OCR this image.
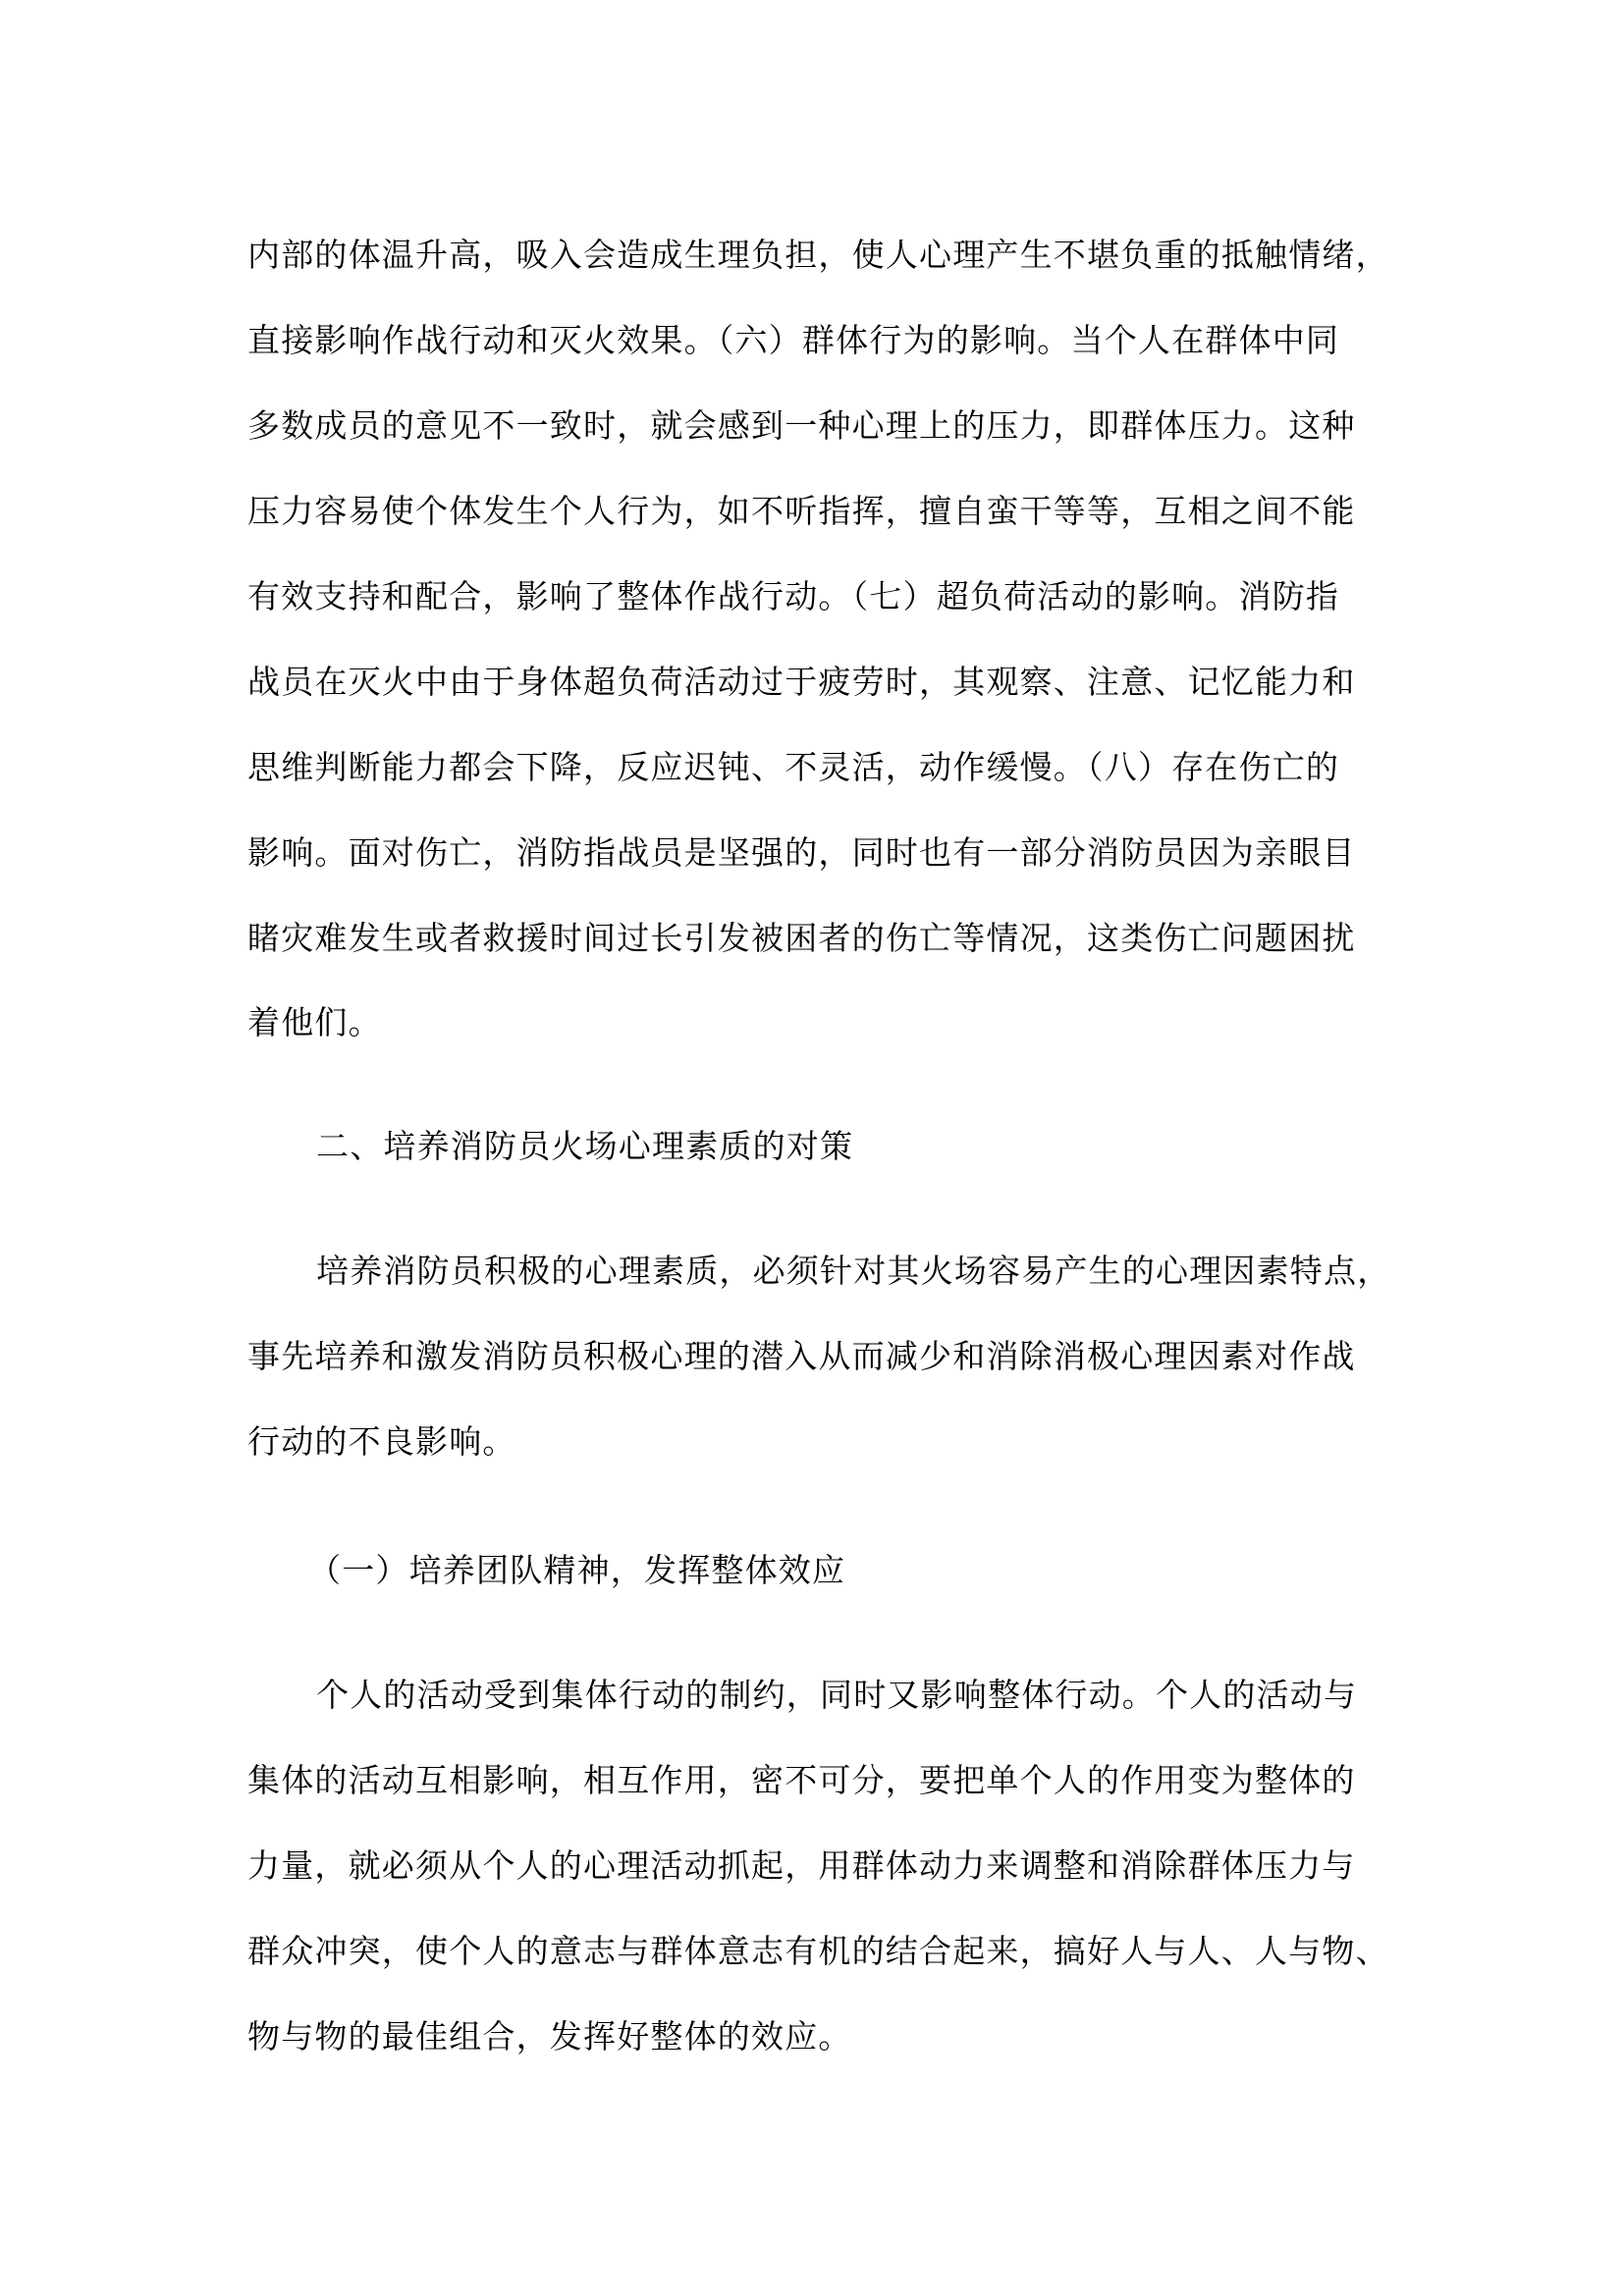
内部的体温升高，吸入会造成生理负担，使人心理产生不堪负重的抵触情绪，
直接影响作战行动和灭火效果。（六）群体行为的影响。当个人在群体中同
多数成员的意见不一致时，就会感到一种心理上的压力，即群体压力。这种
压力容易使个体发生个人行为，如不听指挥，擅自蛮干等等，互相之间不能
有效支持和配合，影响了整体作战行动。（七）超负荷活动的影响。消防指
战员在灭火中由于身体超负荷活动过于疲劳时，其观察、注意、记忆能力和
思维判断能力都会下降，反应迟钝、不灵活，动作缓慢。（八）存在伤亡的
影响。面对伤亡，消防指战员是坚强的，同时也有一部分消防员因为亲眼目
睹灾难发生或者救援时间过长引发被困者的伤亡等情况，这类伤亡问题困扰
着他们。
二、培养消防员火场心理素质的对策
培养消防员积极的心理素质，必须针对其火场容易产生的心理因素特点，
事先培养和激发消防员积极心理的潜入从而减少和消除消极心理因素对作战
行动的不良影响。
（一）培养团队精神，发挥整体效应
个人的活动受到集体行动的制约，同时又影响整体行动。个人的活动与
集体的活动互相影响，相互作用，密不可分，要把单个人的作用变为整体的
力量，就必须从个人的心理活动抓起，用群体动力来调整和消除群体压力与
群众冲突，使个人的意志与群体意志有机的结合起来，搞好人与人、人与物、
物与物的最佳组合，发挥好整体的效应。
